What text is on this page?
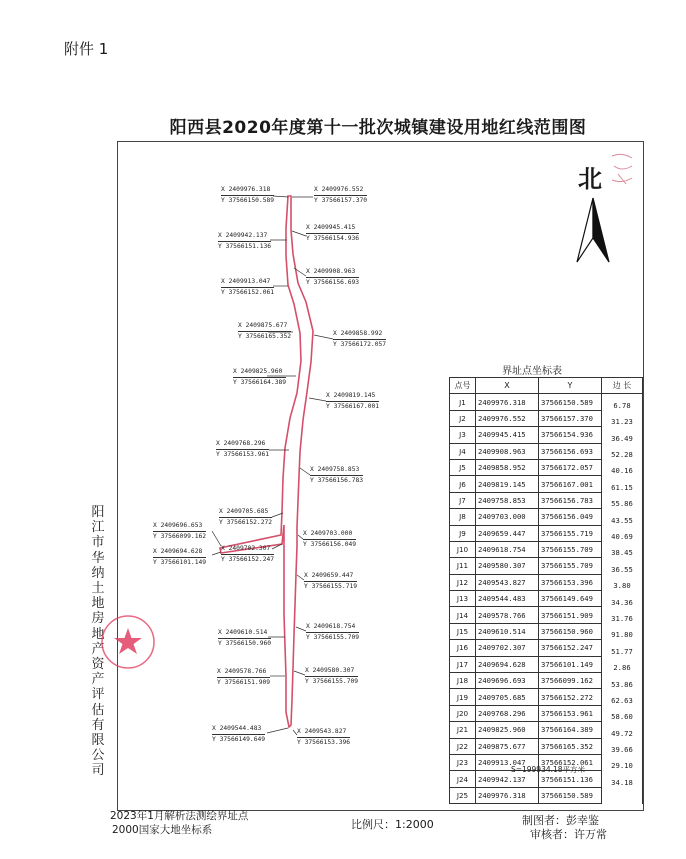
附件 1
阳西县2020年度第十一批次城镇建设用地红线范围图
X 2409976.318
Y 37566150.589
X 2409976.552
Y 37566157.370
X 2409945.415
Y 37566154.936
X 2409942.137
Y 37566151.136
X 2409908.963
Y 37566156.693
X 2409913.047
Y 37566152.061
X 2409875.677
Y 37566165.352	X 2409858.992
Y 37566172.057
X 2409825.960
Y 37566164.389
X 2409819.145
Y 37566167.001
X 2409768.296
Y 37566153.961
X 2409758.853
Y 37566156.783
X 2409705.685
Y 37566152.272
X 2409696.653
Y 37566099.162	X 2409703.000
Y 37566156.049
X 2409694.628
Y 37566101.149
X 2409702.307
Y 37566152.247
X 2409659.447
Y 37566155.719
X 2409618.754
Y 37566155.709
X 2409610.514
Y 37566150.960
X 2409578.766
Y 37566151.909
X 2409580.307
Y 37566155.709
X 2409544.483
Y 37566149.649
X 2409543.827
Y 37566153.396
北
界址点坐标表
点号	X	Y	边 长
J1	2409976.318	37566150.589	6.78

J2	2409976.552	37566157.370	31.23

J3	2409945.415	37566154.936	36.49

J4	2409908.963	37566156.693	52.28

J5	2409858.952	37566172.057	40.16

J6	2409819.145	37566167.001	61.15

J7	2409758.853	37566156.783	55.86

J8	2409703.000	37566156.049	43.55

J9	2409659.447	37566155.719	40.69

J10	2409618.754	37566155.709	38.45

J11	2409580.307	37566155.709	36.55

J12	2409543.827	37566153.396	3.80

J13	2409544.483	37566149.649	34.36

J14	2409578.766	37566151.909	31.76

J15	2409610.514	37566150.960	91.80

J16	2409702.307	37566152.247	51.77

J17	2409694.628	37566101.149	2.86

J18	2409696.693	37566099.162	53.86

J19	2409705.685	37566152.272	62.63

J20	2409768.296	37566153.961	58.60

J21	2409825.960	37566164.389	49.72

J22	2409875.677	37566165.352	39.66

J23	2409913.047	37566152.061	29.10

J24	2409942.137	37566151.136	34.18

J25	2409976.318	37566150.589	
S=199934.18平方米
阳
江
市
华
纳
土
地
房
地
产
资
产
评
估
有
限
公
司
2023年1月解析法测绘界址点
2000国家大地坐标系	比例尺：1:2000	制图者：彭幸鉴
审核者：许万常
